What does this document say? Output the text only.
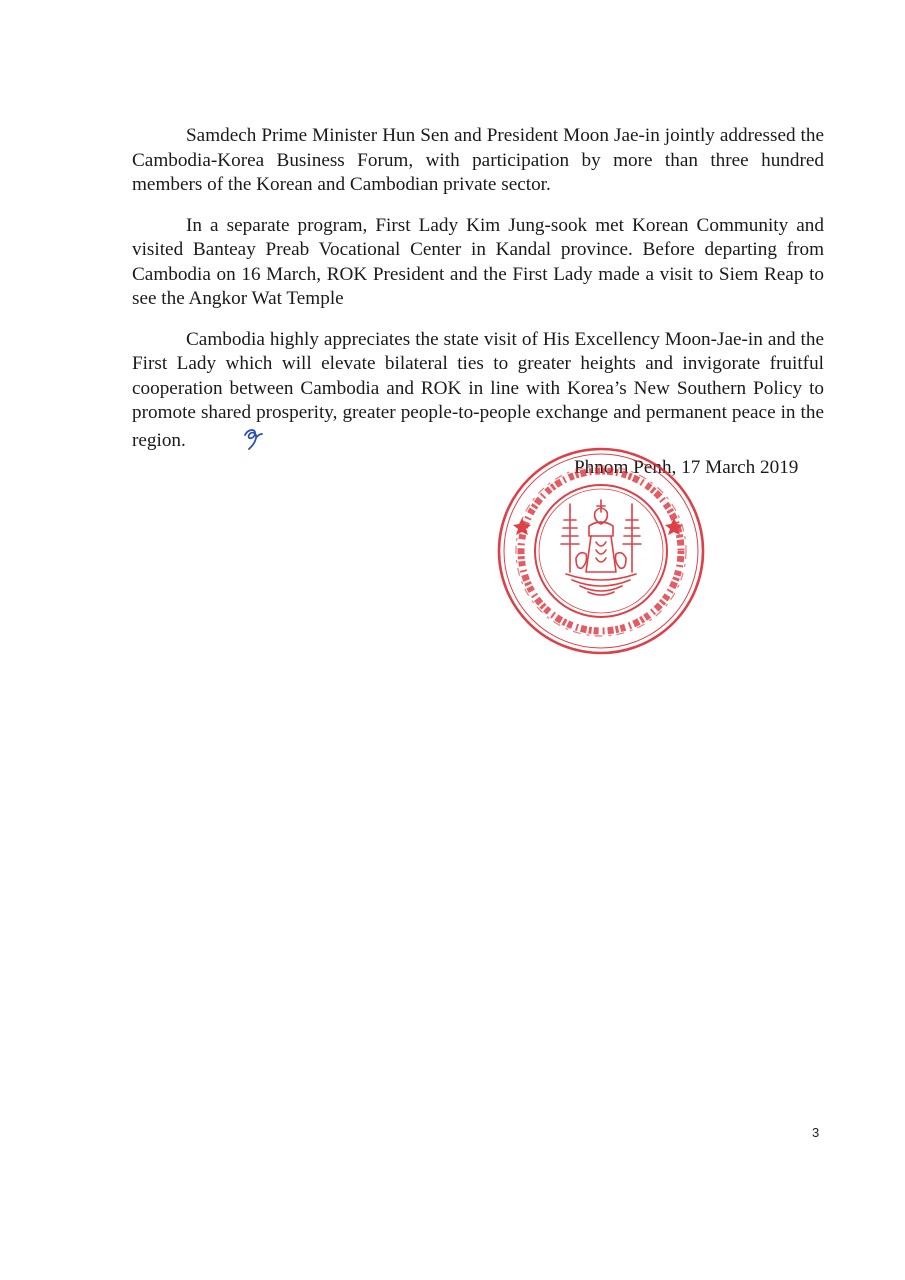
Samdech Prime Minister Hun Sen and President Moon Jae-in jointly addressed the Cambodia-Korea Business Forum, with participation by more than three hundred members of the Korean and Cambodian private sector.

In a separate program, First Lady Kim Jung-sook met Korean Community and visited Banteay Preab Vocational Center in Kandal province. Before departing from Cambodia on 16 March, ROK President and the First Lady made a visit to Siem Reap to see the Angkor Wat Temple

Cambodia highly appreciates the state visit of His Excellency Moon-Jae-in and the First Lady which will elevate bilateral ties to greater heights and invigorate fruitful cooperation between Cambodia and ROK in line with Korea’s New Southern Policy to promote shared prosperity, greater people-to-people exchange and permanent peace in the region.

Phnom Penh, 17 March 2019
3
